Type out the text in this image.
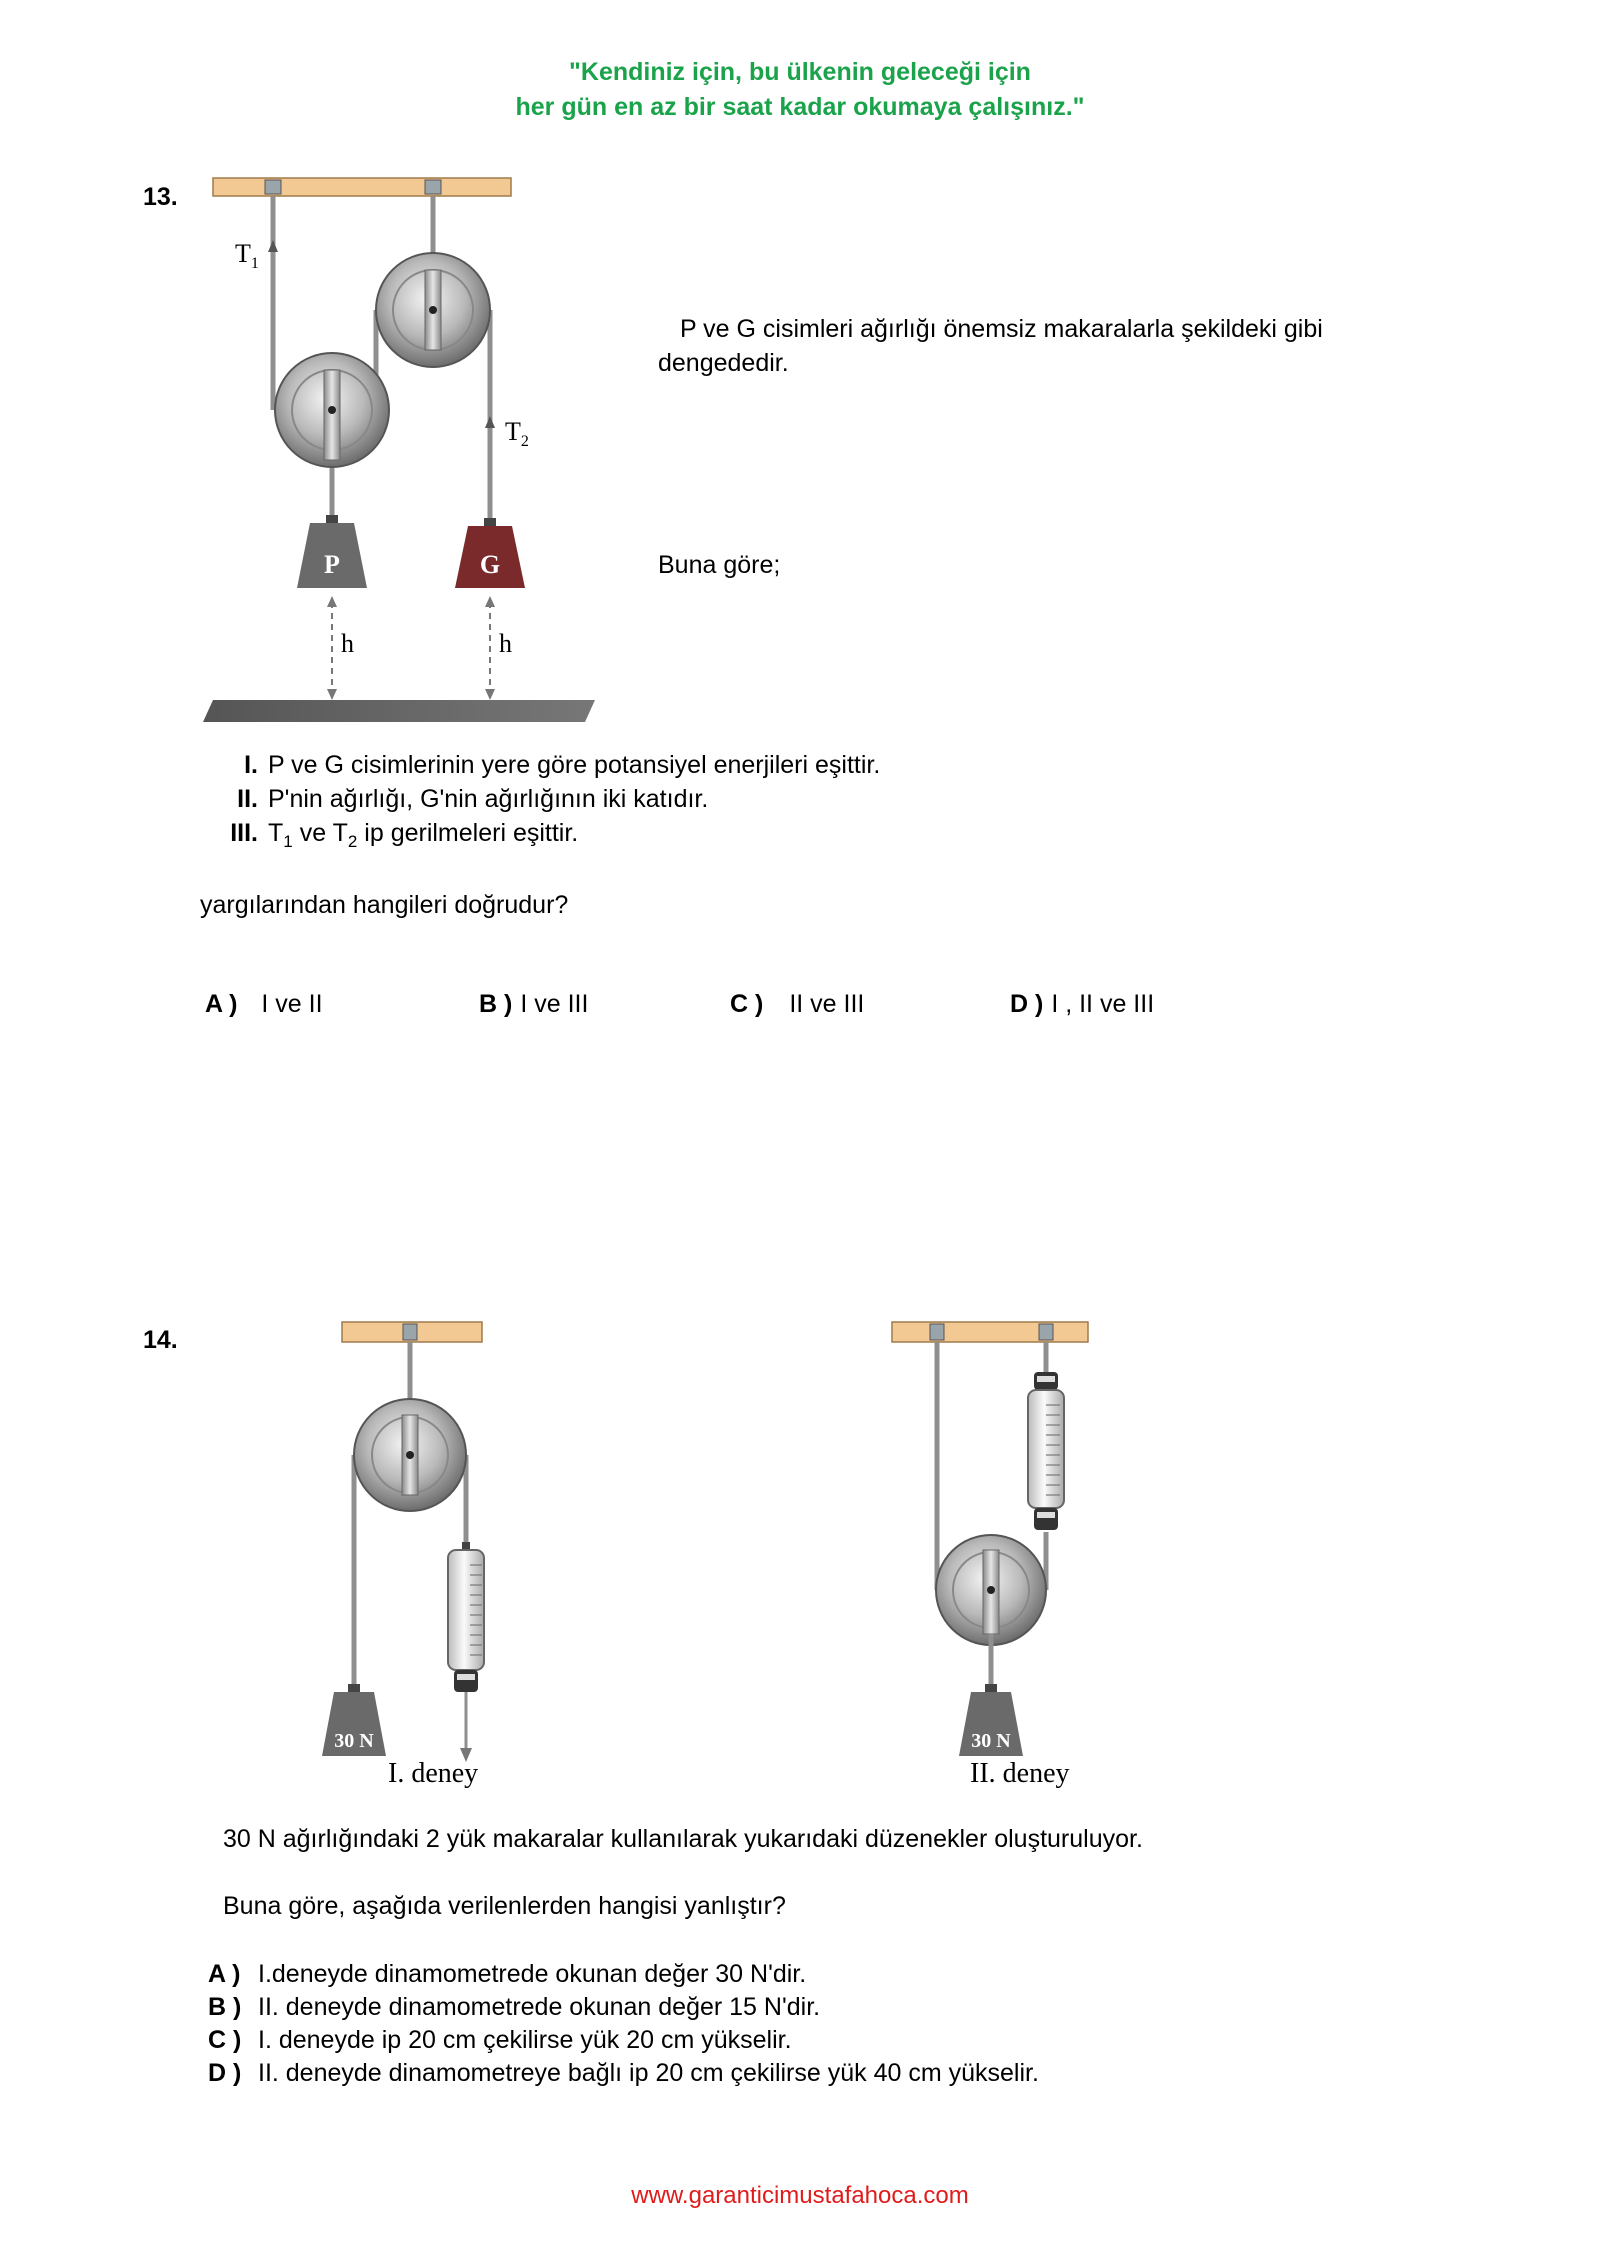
"Kendiniz için, bu ülkenin geleceği için
her gün en az bir saat kadar okumaya çalışınız."
13.
$T_1$
$T_2$
P	G
h	h
P ve G cisimleri ağırlığı önemsiz makaralarla şekildeki gibi dengededir.
Buna göre;
I. P ve G cisimlerinin yere göre potansiyel enerjileri eşittir.
II. P'nin ağırlığı, G'nin ağırlığının iki katıdır.
III. $T_1$ ve $T_2$ ip gerilmeleri eşittir.
yargılarından hangileri doğrudur?
A ) I ve II	B ) I ve III	C ) II ve III	D ) I , II ve III
14.
30 N
I. deney
30 N
II. deney
30 N ağırlığındaki 2 yük makaralar kullanılarak yukarıdaki düzenekler oluşturuluyor.
Buna göre, aşağıda verilenlerden hangisi yanlıştır?
A ) I.deneyde dinamometrede okunan değer 30 N'dir.
B ) II. deneyde dinamometrede okunan değer 15 N'dir.
C ) I. deneyde ip 20 cm çekilirse yük 20 cm yükselir.
D ) II. deneyde dinamometreye bağlı ip 20 cm çekilirse yük 40 cm yükselir.
www.garanticimustafahoca.com
